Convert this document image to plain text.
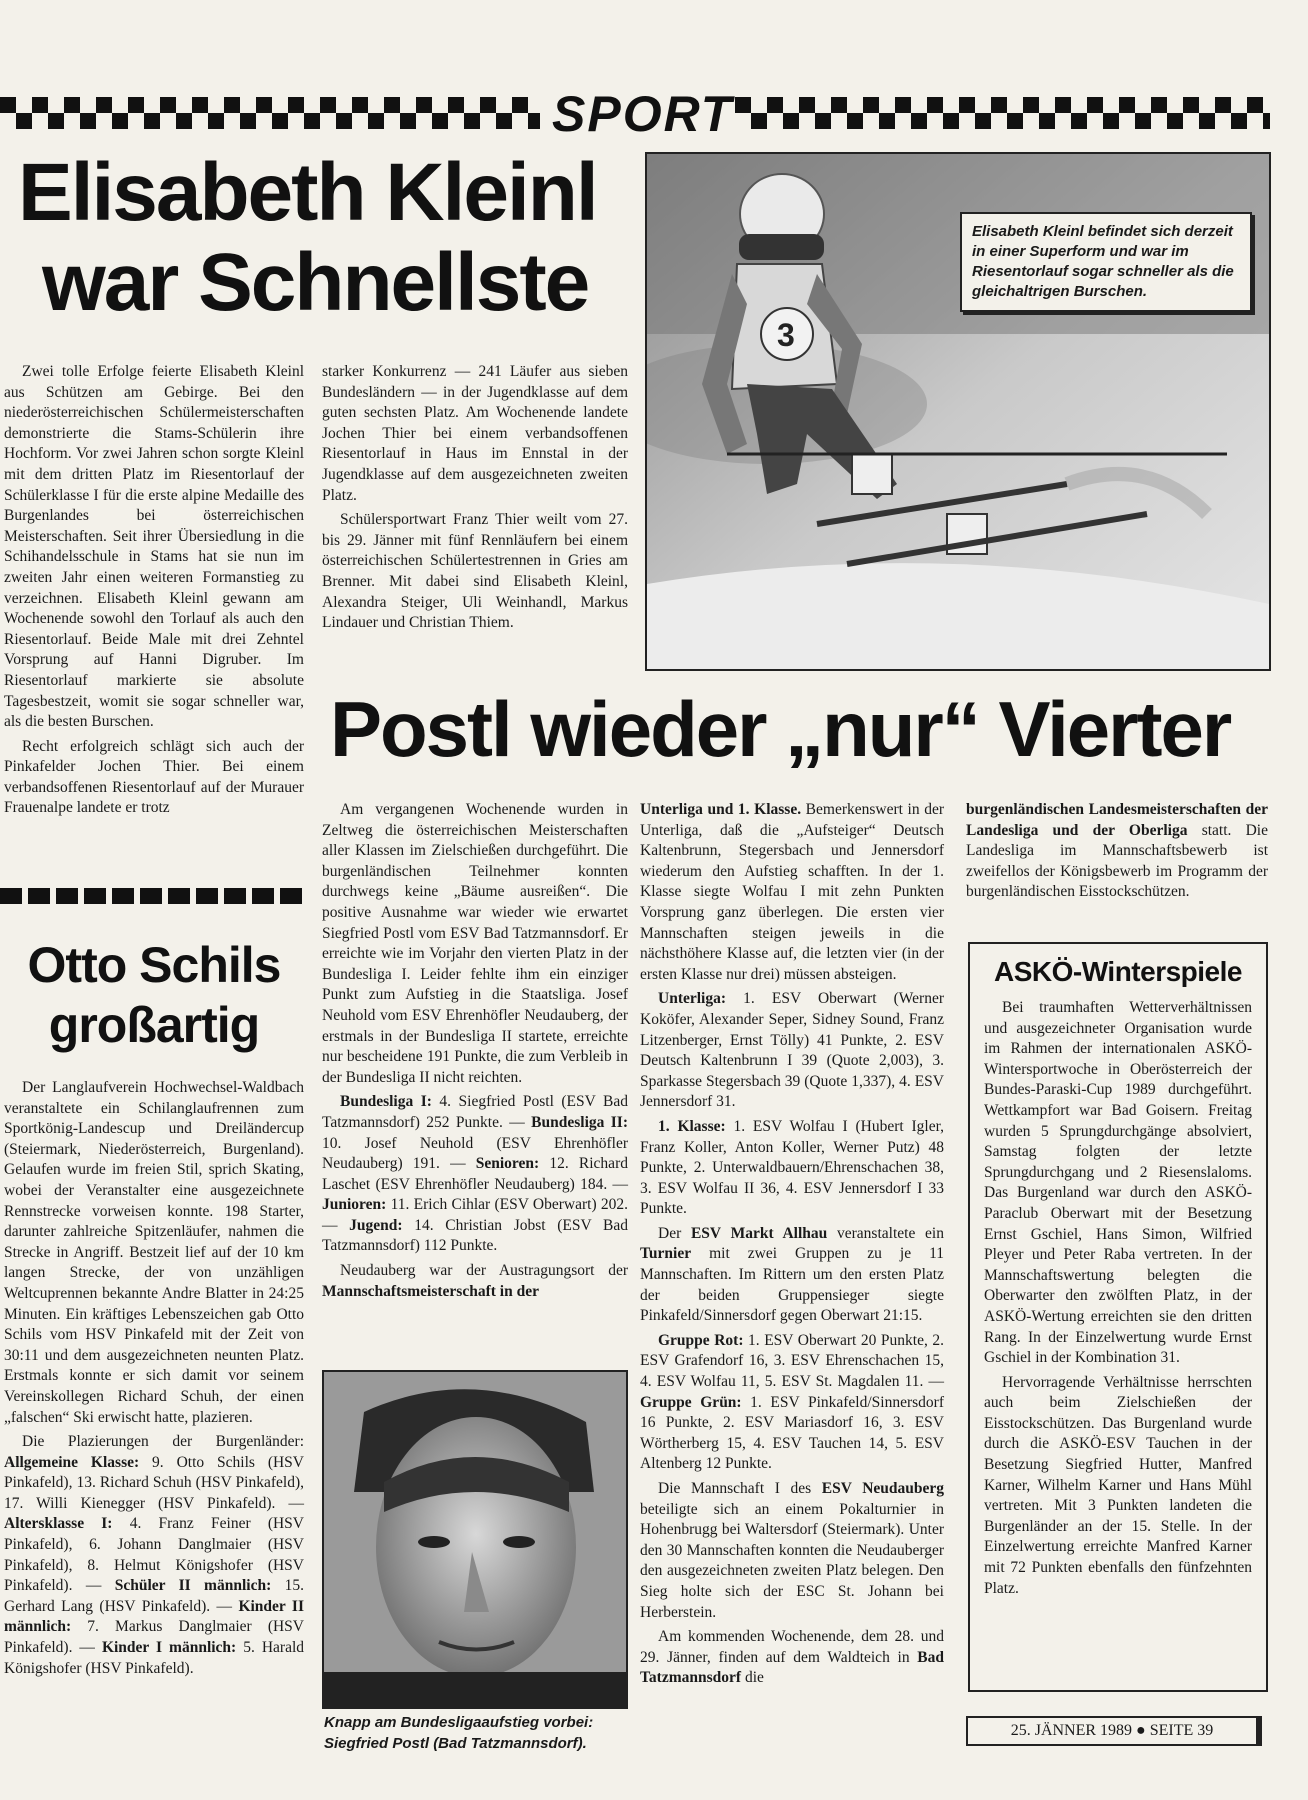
SPORT
Elisabeth Kleinl
war Schnellste

Zwei tolle Erfolge feierte Elisabeth Kleinl aus Schützen am Gebirge. Bei den niederösterreichischen Schülermeisterschaften demonstrierte die Stams-Schülerin ihre Hochform. Vor zwei Jahren schon sorgte Kleinl mit dem dritten Platz im Riesentorlauf der Schülerklasse I für die erste alpine Medaille des Burgenlandes bei österreichischen Meisterschaften. Seit ihrer Übersiedlung in die Schihandelsschule in Stams hat sie nun im zweiten Jahr einen weiteren Formanstieg zu verzeichnen. Elisabeth Kleinl gewann am Wochenende sowohl den Torlauf als auch den Riesentorlauf. Beide Male mit drei Zehntel Vorsprung auf Hanni Digruber. Im Riesentorlauf markierte sie absolute Tagesbestzeit, womit sie sogar schneller war, als die besten Burschen.

Recht erfolgreich schlägt sich auch der Pinkafelder Jochen Thier. Bei einem verbandsoffenen Riesentorlauf auf der Murauer Frauenalpe landete er trotz

starker Konkurrenz — 241 Läufer aus sieben Bundesländern — in der Jugendklasse auf dem guten sechsten Platz. Am Wochenende landete Jochen Thier bei einem verbandsoffenen Riesentorlauf in Haus im Ennstal in der Jugendklasse auf dem ausgezeichneten zweiten Platz.

Schülersportwart Franz Thier weilt vom 27. bis 29. Jänner mit fünf Rennläufern bei einem österreichischen Schülertestrennen in Gries am Brenner. Mit dabei sind Elisabeth Kleinl, Alexandra Steiger, Uli Weinhandl, Markus Lindauer und Christian Thiem.

3
Elisabeth Kleinl befindet sich derzeit in einer Superform und war im Riesentorlauf sogar schneller als die gleichaltrigen Burschen.
Postl wieder „nur“ Vierter
Otto Schils
großartig

Der Langlaufverein Hochwechsel-Waldbach veranstaltete ein Schilanglaufrennen zum Sportkönig-Landescup und Dreiländercup (Steiermark, Niederösterreich, Burgenland). Gelaufen wurde im freien Stil, sprich Skating, wobei der Veranstalter eine ausgezeichnete Rennstrecke vorweisen konnte. 198 Starter, darunter zahlreiche Spitzenläufer, nahmen die Strecke in Angriff. Bestzeit lief auf der 10 km langen Strecke, der von unzähligen Weltcuprennen bekannte Andre Blatter in 24:25 Minuten. Ein kräftiges Lebenszeichen gab Otto Schils vom HSV Pinkafeld mit der Zeit von 30:11 und dem ausgezeichneten neunten Platz. Erstmals konnte er sich damit vor seinem Vereinskollegen Richard Schuh, der einen „falschen“ Ski erwischt hatte, plazieren.

Die Plazierungen der Burgenländer: Allgemeine Klasse: 9. Otto Schils (HSV Pinkafeld), 13. Richard Schuh (HSV Pinkafeld), 17. Willi Kienegger (HSV Pinkafeld). — Altersklasse I: 4. Franz Feiner (HSV Pinkafeld), 6. Johann Danglmaier (HSV Pinkafeld), 8. Helmut Königshofer (HSV Pinkafeld). — Schüler II männlich: 15. Gerhard Lang (HSV Pinkafeld). — Kinder II männlich: 7. Markus Danglmaier (HSV Pinkafeld). — Kinder I männlich: 5. Harald Königshofer (HSV Pinkafeld).

Am vergangenen Wochenende wurden in Zeltweg die österreichischen Meisterschaften aller Klassen im Zielschießen durchgeführt. Die burgenländischen Teilnehmer konnten durchwegs keine „Bäume ausreißen“. Die positive Ausnahme war wieder wie erwartet Siegfried Postl vom ESV Bad Tatzmannsdorf. Er erreichte wie im Vorjahr den vierten Platz in der Bundesliga I. Leider fehlte ihm ein einziger Punkt zum Aufstieg in die Staatsliga. Josef Neuhold vom ESV Ehrenhöfler Neudauberg, der erstmals in der Bundesliga II startete, erreichte nur bescheidene 191 Punkte, die zum Verbleib in der Bundesliga II nicht reichten.

Bundesliga I: 4. Siegfried Postl (ESV Bad Tatzmannsdorf) 252 Punkte. — Bundesliga II: 10. Josef Neuhold (ESV Ehrenhöfler Neudauberg) 191. — Senioren: 12. Richard Laschet (ESV Ehrenhöfler Neudauberg) 184. — Junioren: 11. Erich Cihlar (ESV Oberwart) 202. — Jugend: 14. Christian Jobst (ESV Bad Tatzmannsdorf) 112 Punkte.

Neudauberg war der Austragungsort der Mannschaftsmeisterschaft in der

Knapp am Bundesligaaufstieg vorbei: Siegfried Postl (Bad Tatzmannsdorf).

Unterliga und 1. Klasse. Bemerkenswert in der Unterliga, daß die „Aufsteiger“ Deutsch Kaltenbrunn, Stegersbach und Jennersdorf wiederum den Aufstieg schafften. In der 1. Klasse siegte Wolfau I mit zehn Punkten Vorsprung ganz überlegen. Die ersten vier Mannschaften steigen jeweils in die nächsthöhere Klasse auf, die letzten vier (in der ersten Klasse nur drei) müssen absteigen.

Unterliga: 1. ESV Oberwart (Werner Koköfer, Alexander Seper, Sidney Sound, Franz Litzenberger, Ernst Tölly) 41 Punkte, 2. ESV Deutsch Kaltenbrunn I 39 (Quote 2,003), 3. Sparkasse Stegersbach 39 (Quote 1,337), 4. ESV Jennersdorf 31.

1. Klasse: 1. ESV Wolfau I (Hubert Igler, Franz Koller, Anton Koller, Werner Putz) 48 Punkte, 2. Unterwaldbauern/Ehrenschachen 38, 3. ESV Wolfau II 36, 4. ESV Jennersdorf I 33 Punkte.

Der ESV Markt Allhau veranstaltete ein Turnier mit zwei Gruppen zu je 11 Mannschaften. Im Rittern um den ersten Platz der beiden Gruppensieger siegte Pinkafeld/Sinnersdorf gegen Oberwart 21:15.

Gruppe Rot: 1. ESV Oberwart 20 Punkte, 2. ESV Grafendorf 16, 3. ESV Ehrenschachen 15, 4. ESV Wolfau 11, 5. ESV St. Magdalen 11. — Gruppe Grün: 1. ESV Pinkafeld/Sinnersdorf 16 Punkte, 2. ESV Mariasdorf 16, 3. ESV Wörtherberg 15, 4. ESV Tauchen 14, 5. ESV Altenberg 12 Punkte.

Die Mannschaft I des ESV Neudauberg beteiligte sich an einem Pokalturnier in Hohenbrugg bei Waltersdorf (Steiermark). Unter den 30 Mannschaften konnten die Neudauberger den ausgezeichneten zweiten Platz belegen. Den Sieg holte sich der ESC St. Johann bei Herberstein.

Am kommenden Wochenende, dem 28. und 29. Jänner, finden auf dem Waldteich in Bad Tatzmannsdorf die

burgenländischen Landesmeisterschaften der Landesliga und der Oberliga statt. Die Landesliga im Mannschaftsbewerb ist zweifellos der Königsbewerb im Programm der burgenländischen Eisstockschützen.

ASKÖ-Winterspiele

Bei traumhaften Wetterverhältnissen und ausgezeichneter Organisation wurde im Rahmen der internationalen ASKÖ-Wintersportwoche in Oberösterreich der Bundes-Paraski-Cup 1989 durchgeführt. Wettkampfort war Bad Goisern. Freitag wurden 5 Sprungdurchgänge absolviert, Samstag folgten der letzte Sprungdurchgang und 2 Riesenslaloms. Das Burgenland war durch den ASKÖ-Paraclub Oberwart mit der Besetzung Ernst Gschiel, Hans Simon, Wilfried Pleyer und Peter Raba vertreten. In der Mannschaftswertung belegten die Oberwarter den zwölften Platz, in der ASKÖ-Wertung erreichten sie den dritten Rang. In der Einzelwertung wurde Ernst Gschiel in der Kombination 31.

Hervorragende Verhältnisse herrschten auch beim Zielschießen der Eisstockschützen. Das Burgenland wurde durch die ASKÖ-ESV Tauchen in der Besetzung Siegfried Hutter, Manfred Karner, Wilhelm Karner und Hans Mühl vertreten. Mit 3 Punkten landeten die Burgenländer an der 15. Stelle. In der Einzelwertung erreichte Manfred Karner mit 72 Punkten ebenfalls den fünfzehnten Platz.

25. JÄNNER 1989 ● SEITE 39
